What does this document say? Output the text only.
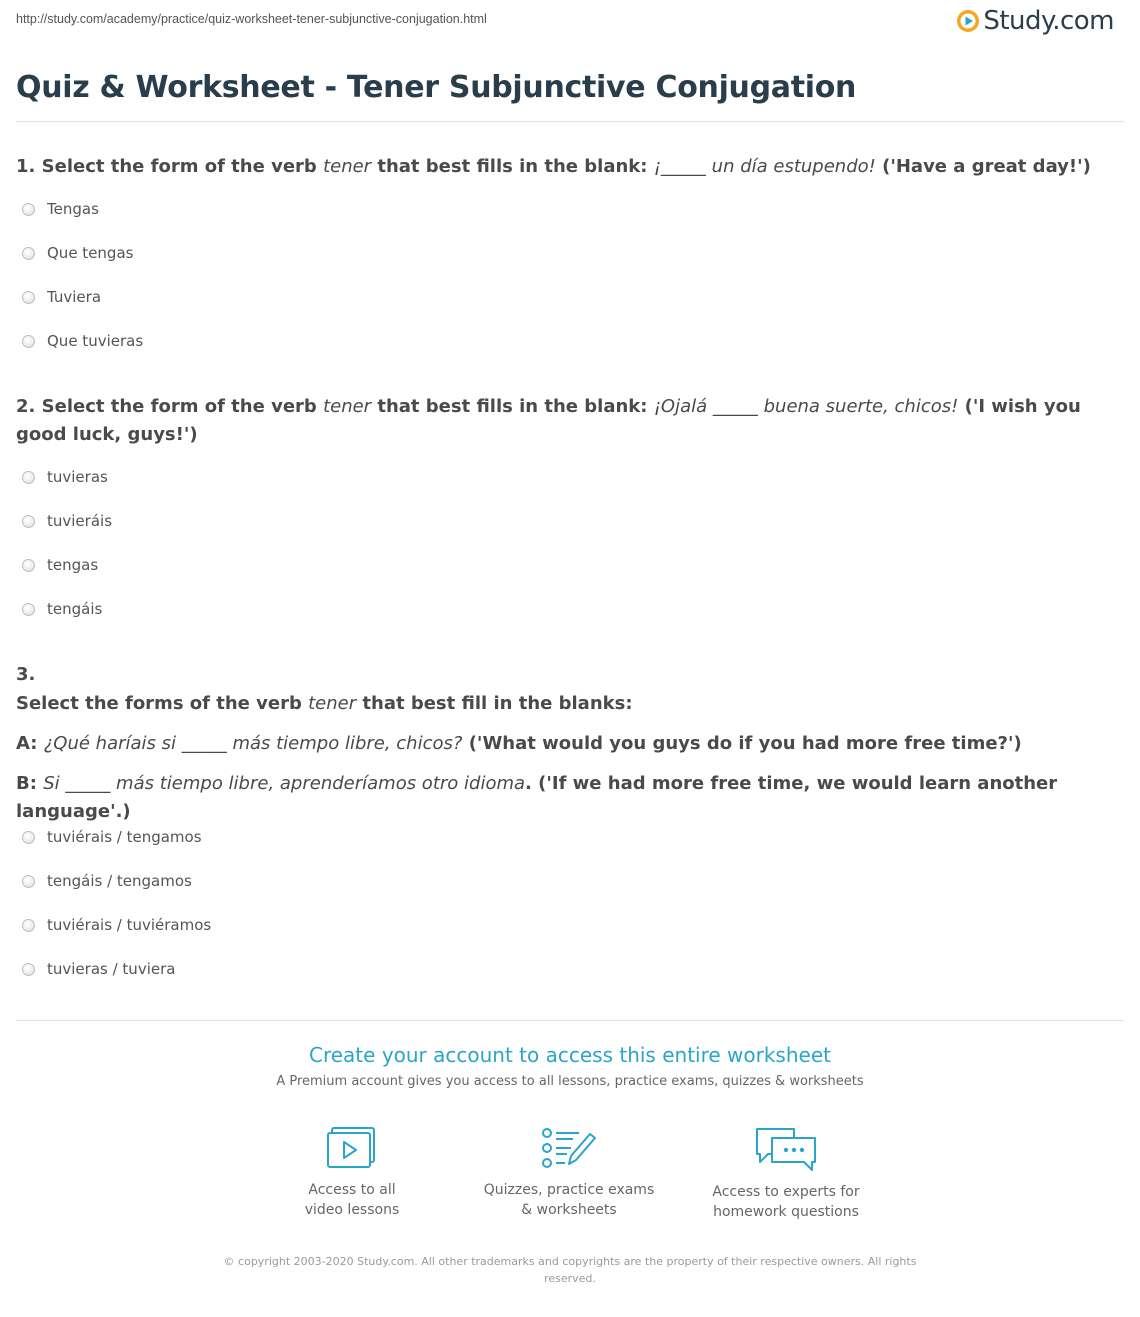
http://study.com/academy/practice/quiz-worksheet-tener-subjunctive-conjugation.html	Study.com
Quiz & Worksheet - Tener Subjunctive Conjugation
1. Select the form of the verb tener that best fills in the blank: ¡_____ un día estupendo! ('Have a great day!')
Tengas
Que tengas
Tuviera
Que tuvieras
2. Select the form of the verb tener that best fills in the blank: ¡Ojalá _____ buena suerte, chicos! ('I wish you good luck, guys!')
tuvieras
tuvieráis
tengas
tengáis
3.
Select the forms of the verb tener that best fill in the blanks:
A: ¿Qué haríais si _____ más tiempo libre, chicos? ('What would you guys do if you had more free time?')
B: Si _____ más tiempo libre, aprenderíamos otro idioma. ('If we had more free time, we would learn another language'.)
tuviérais / tengamos
tengáis / tengamos
tuviérais / tuviéramos
tuvieras / tuviera
Create your account to access this entire worksheet
A Premium account gives you access to all lessons, practice exams, quizzes & worksheets
Access to all
video lessons
Quizzes, practice exams
& worksheets
Access to experts for
homework questions
© copyright 2003-2020 Study.com. All other trademarks and copyrights are the property of their respective owners. All rights reserved.
